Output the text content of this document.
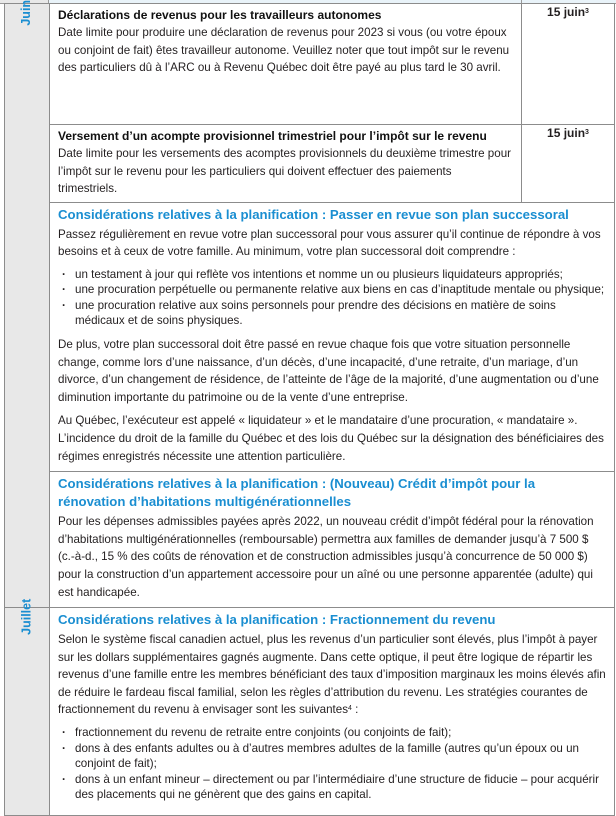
Juin	Déclarations de revenus pour les travailleurs autonomes
Date limite pour produire une déclaration de revenus pour 2023 si vous (ou votre époux ou conjoint de fait) êtes travailleur autonome. Veuillez noter que tout impôt sur le revenu des particuliers dû à l’ARC ou à Revenu Québec doit être payé au plus tard le 30 avril.	15 juin$^3$

	Versement d’un acompte provisionnel trimestriel pour l’impôt sur le revenu
Date limite pour les versements des acomptes provisionnels du deuxième trimestre pour l’impôt sur le revenu pour les particuliers qui doivent effectuer des paiements trimestriels.	15 juin$^3$

Considérations relatives à la planification : Passer en revue son plan successoral

Passez régulièrement en revue votre plan successoral pour vous assurer qu’il continue de répondre à vos besoins et à ceux de votre famille. Au minimum, votre plan successoral doit comprendre :

· un testament à jour qui reflète vos intentions et nomme un ou plusieurs liquidateurs appropriés;
· une procuration perpétuelle ou permanente relative aux biens en cas d’inaptitude mentale ou physique;
· une procuration relative aux soins personnels pour prendre des décisions en matière de soins médicaux et de soins physiques.

De plus, votre plan successoral doit être passé en revue chaque fois que votre situation personnelle change, comme lors d’une naissance, d’un décès, d’une incapacité, d’une retraite, d’un mariage, d’un divorce, d’un changement de résidence, de l’atteinte de l’âge de la majorité, d’une augmentation ou d’une diminution importante du patrimoine ou de la vente d’une entreprise.

Au Québec, l’exécuteur est appelé « liquidateur » et le mandataire d’une procuration, « mandataire ». L’incidence du droit de la famille du Québec et des lois du Québec sur la désignation des bénéficiaires des régimes enregistrés nécessite une attention particulière.

	Considérations relatives à la planification : (Nouveau) Crédit d’impôt pour la rénovation d’habitations multigénérationnelles

Pour les dépenses admissibles payées après 2022, un nouveau crédit d’impôt fédéral pour la rénovation d’habitations multigénérationnelles (remboursable) permettra aux familles de demander jusqu’à 7 500 $ (c.-à-d., 15 % des coûts de rénovation et de construction admissibles jusqu’à concurrence de 50 000 $) pour la construction d’un appartement accessoire pour un aîné ou une personne apparentée (adulte) qui est handicapée.	

Juillet	Considérations relatives à la planification : Fractionnement du revenu

Selon le système fiscal canadien actuel, plus les revenus d’un particulier sont élevés, plus l’impôt à payer sur les dollars supplémentaires gagnés augmente. Dans cette optique, il peut être logique de répartir les revenus d’une famille entre les membres bénéficiant des taux d’imposition marginaux les moins élevés afin de réduire le fardeau fiscal familial, selon les règles d’attribution du revenu. Les stratégies courantes de fractionnement du revenu à envisager sont les suivantes$^4$ :

· fractionnement du revenu de retraite entre conjoints (ou conjoints de fait);
· dons à des enfants adultes ou à d’autres membres adultes de la famille (autres qu’un époux ou un conjoint de fait);
· dons à un enfant mineur – directement ou par l’intermédiaire d’une structure de fiducie – pour acquérir des placements qui ne génèrent que des gains en capital.
